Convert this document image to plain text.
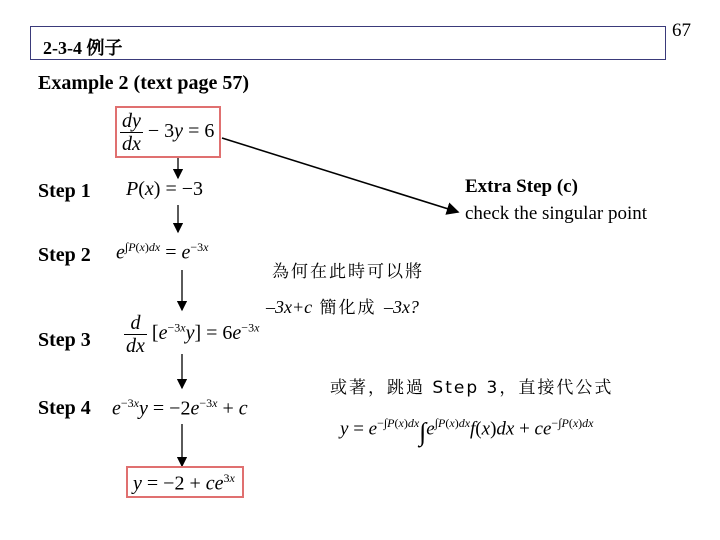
2-3-4 例子
67
Example 2 (text page 57)
Step 1
Step 2
Step 3
Step 4
$\frac{dy}{dx} - 3y = 6$
P(x) = −3
$e^{\int P(x)dx} = e^{-3x}$
$\frac{d}{dx} [e^{-3x}y] = 6e^{-3x}$
$e^{-3x}y = -2e^{-3x} + c$
$y = -2 + ce^{3x}$
Extra Step (c)
check the singular point
為何在此時可以將
–3x+c 簡化成 –3x?
或著，跳過 Step 3，直接代公式
$y = e^{-\int P(x)dx}\int e^{\int P(x)dx}f(x)dx + ce^{-\int P(x)dx}$
